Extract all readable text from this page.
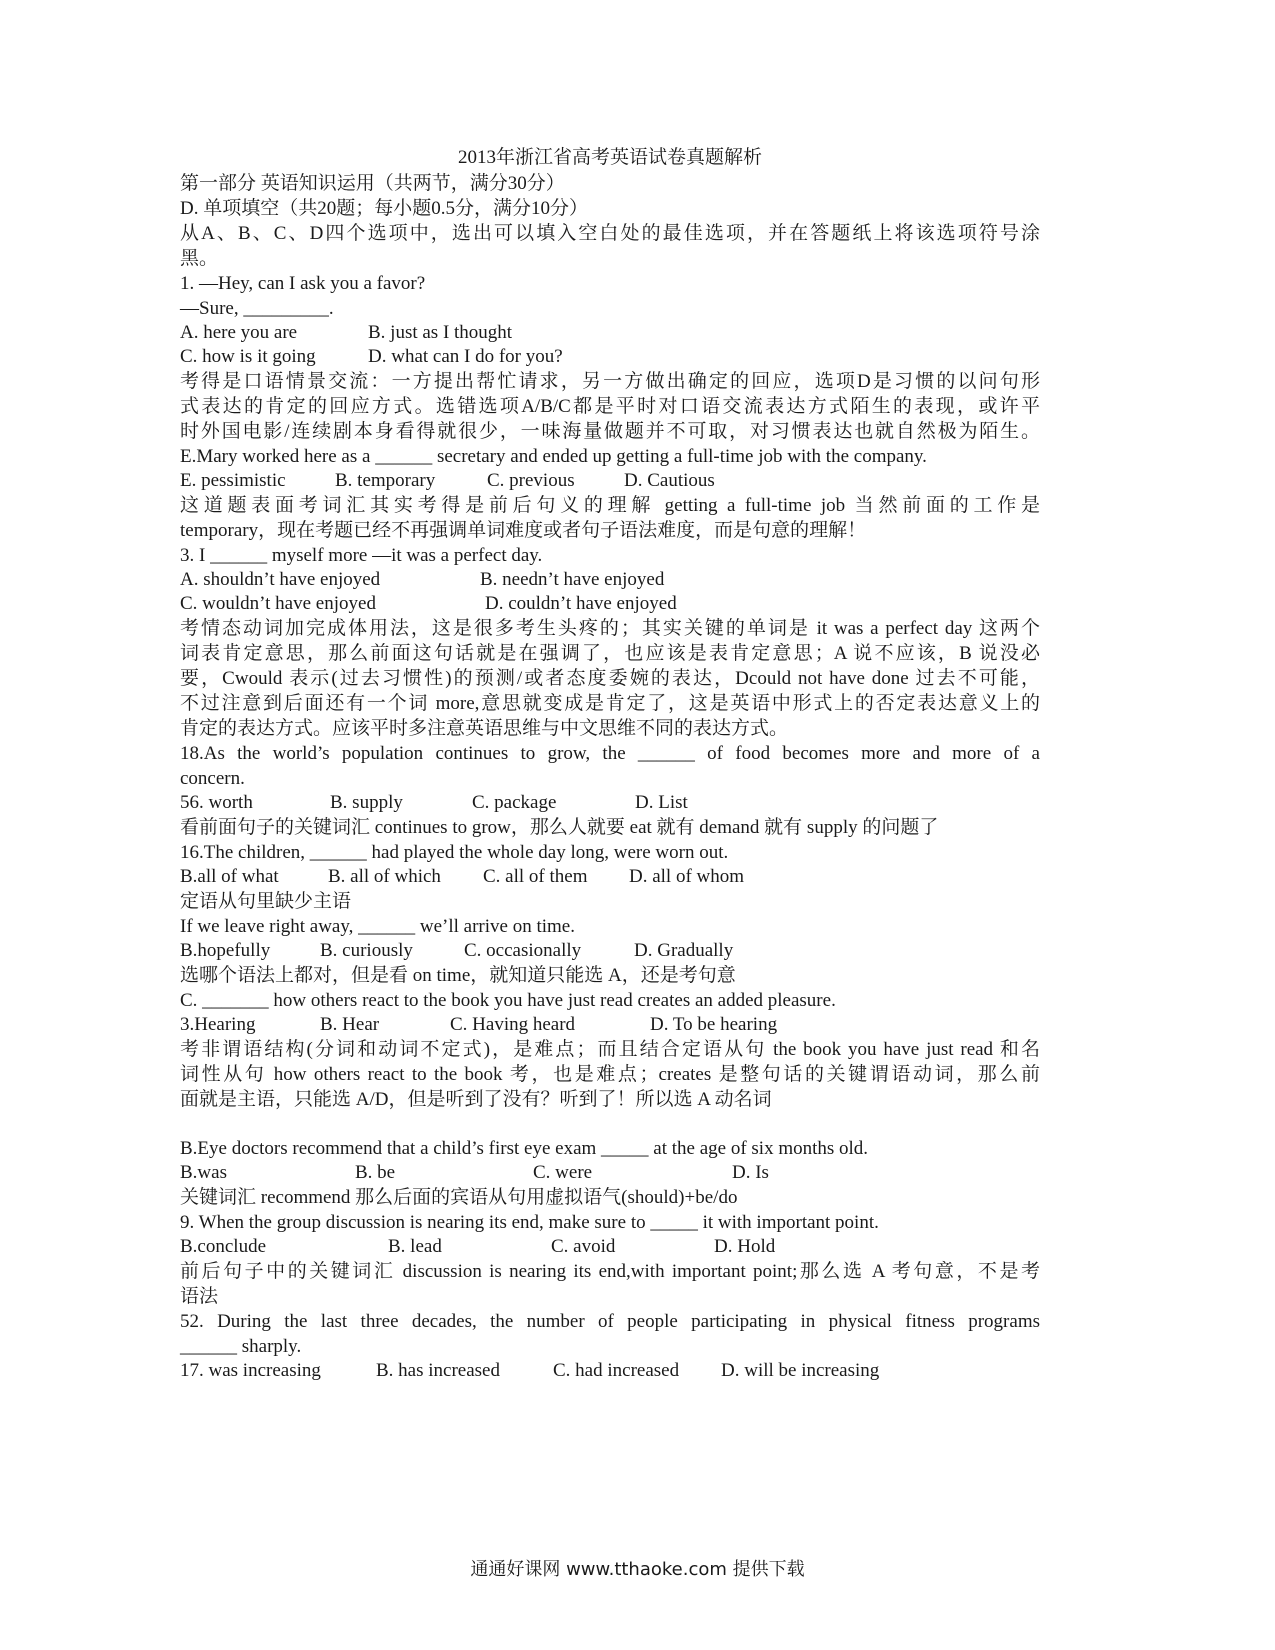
2013年浙江省高考英语试卷真题解析

第一部分 英语知识运用（共两节，满分30分）

D. 单项填空（共20题；每小题0.5分，满分10分）

从A、B、C、D四个选项中，选出可以填入空白处的最佳选项，并在答题纸上将该选项符号涂

黑。

1. —Hey, can I ask you a favor?

—Sure, _________.

A. here you are	B. just as I thought
C. how is it going	D. what can I do for you?

考得是口语情景交流：一方提出帮忙请求，另一方做出确定的回应，选项D是习惯的以问句形

式表达的肯定的回应方式。选错选项A/B/C都是平时对口语交流表达方式陌生的表现，或许平

时外国电影/连续剧本身看得就很少，一味海量做题并不可取，对习惯表达也就自然极为陌生。

E.Mary worked here as a ______ secretary and ended up getting a full-time job with the company.

E. pessimistic	B. temporary	C. previous	D. Cautious

这道题表面考词汇其实考得是前后句义的理解 getting a full-time job 当然前面的工作是

temporary，现在考题已经不再强调单词难度或者句子语法难度，而是句意的理解！

3. I ______ myself more —it was a perfect day.

A. shouldn’t have enjoyed	B. needn’t have enjoyed
C. wouldn’t have enjoyed	D. couldn’t have enjoyed

考情态动词加完成体用法，这是很多考生头疼的；其实关键的单词是 it was a perfect day 这两个

词表肯定意思，那么前面这句话就是在强调了，也应该是表肯定意思；A 说不应该，B 说没必

要，Cwould 表示(过去习惯性)的预测/或者态度委婉的表达，Dcould not have done 过去不可能，

不过注意到后面还有一个词 more,意思就变成是肯定了，这是英语中形式上的否定表达意义上的

肯定的表达方式。应该平时多注意英语思维与中文思维不同的表达方式。

18.As the world’s population continues to grow, the ______ of food becomes more and more of a

concern.

56. worth	B. supply	C. package	D. List

看前面句子的关键词汇 continues to grow，那么人就要 eat 就有 demand 就有 supply 的问题了

16.The children, ______ had played the whole day long, were worn out.

B.all of what	B. all of which	C. all of them	D. all of whom

定语从句里缺少主语

If we leave right away, ______ we’ll arrive on time.

B.hopefully	B. curiously	C. occasionally	D. Gradually

选哪个语法上都对，但是看 on time，就知道只能选 A，还是考句意

C. _______ how others react to the book you have just read creates an added pleasure.

3.Hearing	B. Hear	C. Having heard	D. To be hearing

考非谓语结构(分词和动词不定式)，是难点；而且结合定语从句 the book you have just read 和名

词性从句 how others react to the book 考，也是难点；creates 是整句话的关键谓语动词，那么前

面就是主语，只能选 A/D，但是听到了没有？听到了！所以选 A 动名词

B.Eye doctors recommend that a child’s first eye exam _____ at the age of six months old.

B.was	B. be	C. were	D. Is

关键词汇 recommend 那么后面的宾语从句用虚拟语气(should)+be/do

9. When the group discussion is nearing its end, make sure to _____ it with important point.

B.conclude	B. lead	C. avoid	D. Hold

前后句子中的关键词汇 discussion is nearing its end,with important point;那么选 A 考句意，不是考

语法

52. During the last three decades, the number of people participating in physical fitness programs

______ sharply.

17. was increasing	B. has increased	C. had increased	D. will be increasing
通通好课网 www.tthaoke.com 提供下载
